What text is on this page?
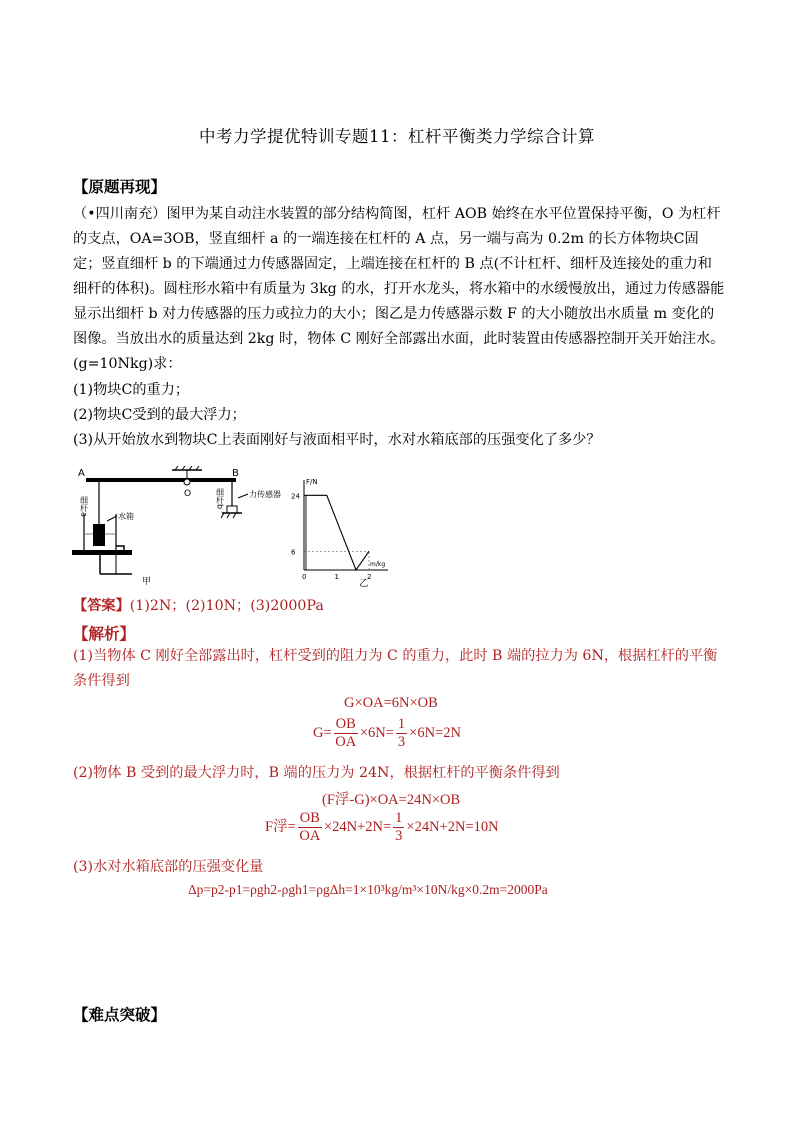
中考力学提优特训专题11：杠杆平衡类力学综合计算
【原题再现】
（•四川南充）图甲为某自动注水装置的部分结构简图，杠杆 AOB 始终在水平位置保持平衡，O 为杠杆的支点，OA=3OB，竖直细杆 a 的一端连接在杠杆的 A 点，另一端与高为 0.2m 的长方体物块C固定；竖直细杆 b 的下端通过力传感器固定，上端连接在杠杆的 B 点(不计杠杆、细杆及连接处的重力和细杆的体积)。圆柱形水箱中有质量为 3kg 的水，打开水龙头，将水箱中的水缓慢放出，通过力传感器能显示出细杆 b 对力传感器的压力或拉力的大小；图乙是力传感器示数 F 的大小随放出水质量 m 变化的图像。当放出水的质量达到 2kg 时，物体 C 刚好全部露出水面，此时装置由传感器控制开关开始注水。(g=10Nkg)求：
(1)物块C的重力；
(2)物块C受到的最大浮力；
(3)从开始放水到物块C上表面刚好与液面相平时，水对水箱底部的压强变化了多少？
A	B
O
细杆a	细杆b	力传感器
水箱
甲
F/N
m/kg
0	1	2
6
24
乙
【答案】(1)2N；(2)10N；(3)2000Pa
【解析】
(1)当物体 C 刚好全部露出时，杠杆受到的阻力为 C 的重力，此时 B 端的拉力为 6N，根据杠杆的平衡条件得到
G×OA=6N×OB
$G= \frac{OB}{OA} \times 6N= \frac{1}{3} \times 6N=2N$
(2)物体 B 受到的最大浮力时，B 端的压力为 24N，根据杠杆的平衡条件得到
(F浮-G)×OA=24N×OB
F浮= $\frac{OB}{OA} \times 24N+2N= \frac{1}{3} \times 24N+2N=10N$
(3)水对水箱底部的压强变化量
Δp=p2-p1=ρgh2-ρgh1=ρgΔh=1×10³kg/m³×10N/kg×0.2m=2000Pa
【难点突破】
